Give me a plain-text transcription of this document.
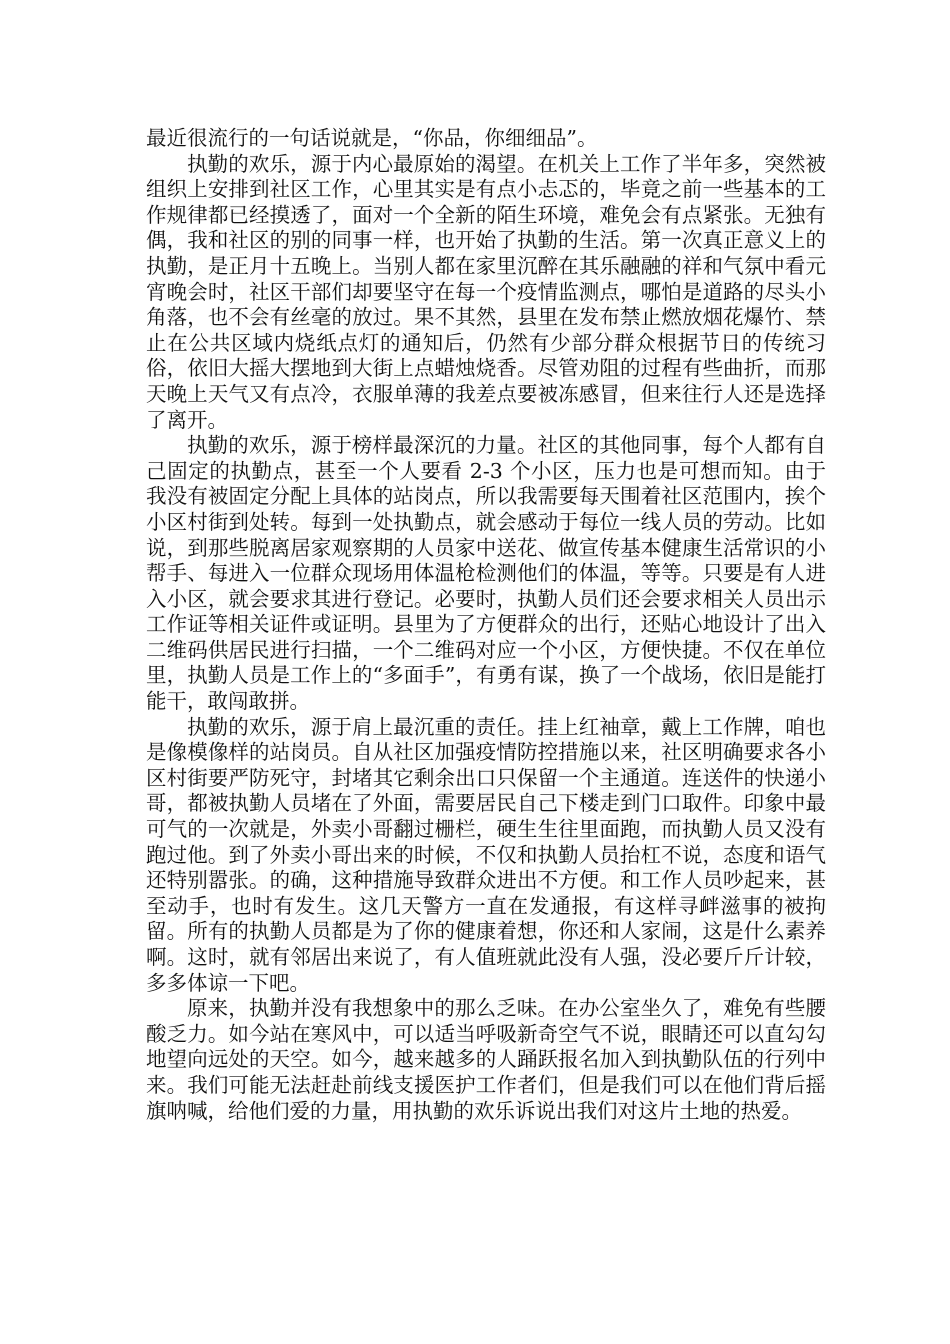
最近很流行的一句话说就是，“你品，你细细品”。

执勤的欢乐，源于内心最原始的渴望。在机关上工作了半年多，突然被组织上安排到社区工作，心里其实是有点小忐忑的，毕竟之前一些基本的工作规律都已经摸透了，面对一个全新的陌生环境，难免会有点紧张。无独有偶，我和社区的别的同事一样，也开始了执勤的生活。第一次真正意义上的执勤，是正月十五晚上。当别人都在家里沉醉在其乐融融的祥和气氛中看元宵晚会时，社区干部们却要坚守在每一个疫情监测点，哪怕是道路的尽头小角落，也不会有丝毫的放过。果不其然，县里在发布禁止燃放烟花爆竹、禁止在公共区域内烧纸点灯的通知后，仍然有少部分群众根据节日的传统习俗，依旧大摇大摆地到大街上点蜡烛烧香。尽管劝阻的过程有些曲折，而那天晚上天气又有点冷，衣服单薄的我差点要被冻感冒，但来往行人还是选择了离开。

执勤的欢乐，源于榜样最深沉的力量。社区的其他同事，每个人都有自己固定的执勤点，甚至一个人要看 2-3 个小区，压力也是可想而知。由于我没有被固定分配上具体的站岗点，所以我需要每天围着社区范围内，挨个小区村街到处转。每到一处执勤点，就会感动于每位一线人员的劳动。比如说，到那些脱离居家观察期的人员家中送花、做宣传基本健康生活常识的小帮手、每进入一位群众现场用体温枪检测他们的体温，等等。只要是有人进入小区，就会要求其进行登记。必要时，执勤人员们还会要求相关人员出示工作证等相关证件或证明。县里为了方便群众的出行，还贴心地设计了出入二维码供居民进行扫描，一个二维码对应一个小区，方便快捷。不仅在单位里，执勤人员是工作上的“多面手”，有勇有谋，换了一个战场，依旧是能打能干，敢闯敢拼。

执勤的欢乐，源于肩上最沉重的责任。挂上红袖章，戴上工作牌，咱也是像模像样的站岗员。自从社区加强疫情防控措施以来，社区明确要求各小区村街要严防死守，封堵其它剩余出口只保留一个主通道。连送件的快递小哥，都被执勤人员堵在了外面，需要居民自己下楼走到门口取件。印象中最可气的一次就是，外卖小哥翻过栅栏，硬生生往里面跑，而执勤人员又没有跑过他。到了外卖小哥出来的时候，不仅和执勤人员抬杠不说，态度和语气还特别嚣张。的确，这种措施导致群众进出不方便。和工作人员吵起来，甚至动手，也时有发生。这几天警方一直在发通报，有这样寻衅滋事的被拘留。所有的执勤人员都是为了你的健康着想，你还和人家闹，这是什么素养啊。这时，就有邻居出来说了，有人值班就此没有人强，没必要斤斤计较，多多体谅一下吧。

原来，执勤并没有我想象中的那么乏味。在办公室坐久了，难免有些腰酸乏力。如今站在寒风中，可以适当呼吸新奇空气不说，眼睛还可以直勾勾地望向远处的天空。如今，越来越多的人踊跃报名加入到执勤队伍的行列中来。我们可能无法赶赴前线支援医护工作者们，但是我们可以在他们背后摇旗呐喊，给他们爱的力量，用执勤的欢乐诉说出我们对这片土地的热爱。
